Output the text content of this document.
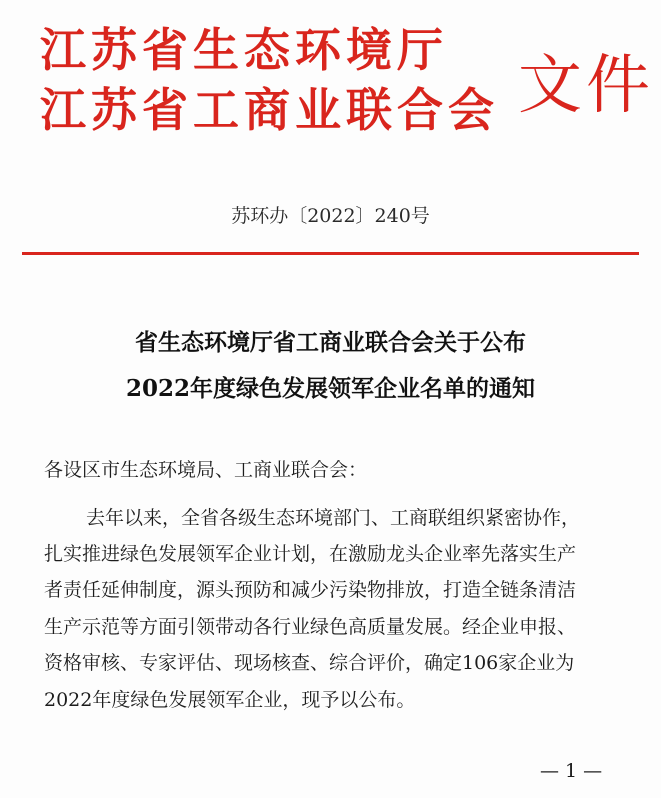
江苏省生态环境厅
江苏省工商业联合会 文件
苏环办〔2022〕240号
省生态环境厅省工商业联合会关于公布
2022年度绿色发展领军企业名单的通知
各设区市生态环境局、工商业联合会：
去年以来，全省各级生态环境部门、工商联组织紧密协作，
扎实推进绿色发展领军企业计划，在激励龙头企业率先落实生产
者责任延伸制度，源头预防和减少污染物排放，打造全链条清洁
生产示范等方面引领带动各行业绿色高质量发展。经企业申报、
资格审核、专家评估、现场核查、综合评价，确定106家企业为
2022年度绿色发展领军企业，现予以公布。
— 1 —
